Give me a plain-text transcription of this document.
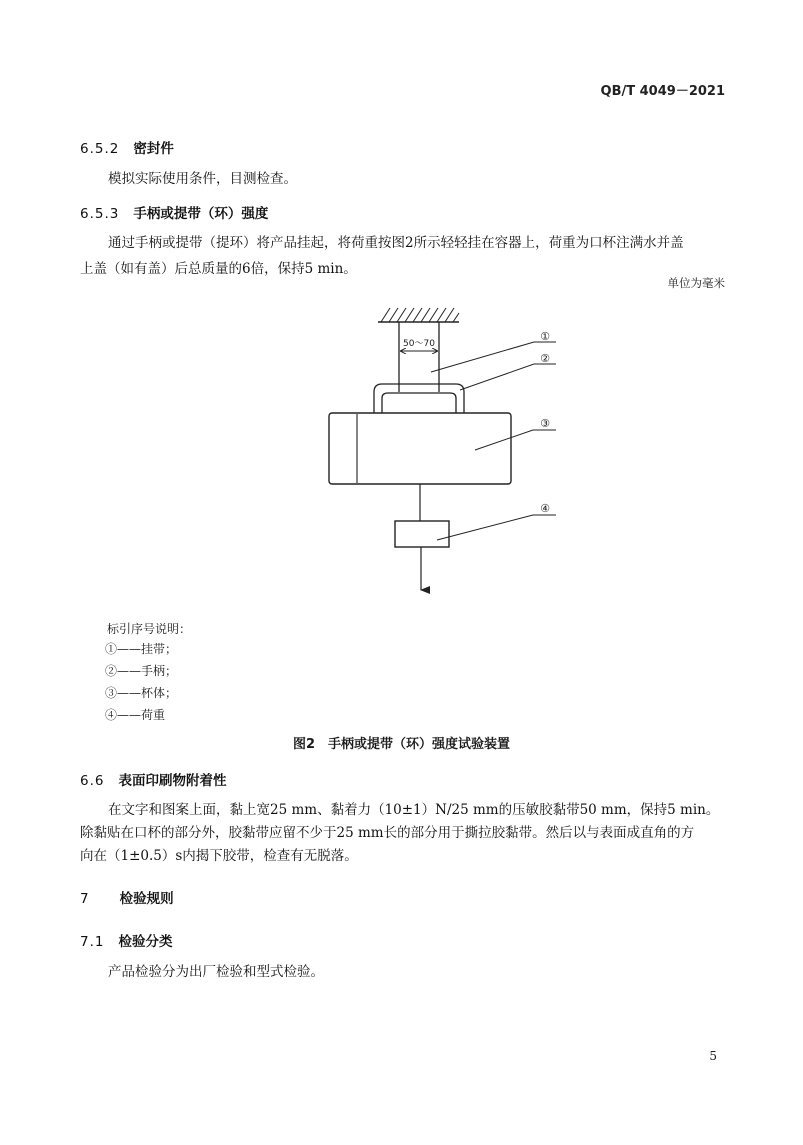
QB/T 4049－2021
6.5.2 密封件
模拟实际使用条件，目测检查。
6.5.3 手柄或提带（环）强度
通过手柄或提带（提环）将产品挂起，将荷重按图2所示轻轻挂在容器上，荷重为口杯注满水并盖
上盖（如有盖）后总质量的6倍，保持5 min。
单位为毫米
50～70
①
②
③
④
标引序号说明：
①——挂带；
②——手柄；
③——杯体；
④——荷重
图2　手柄或提带（环）强度试验装置
6.6 表面印刷物附着性
在文字和图案上面，黏上宽25 mm、黏着力（10±1）N/25 mm的压敏胶黏带50 mm，保持5 min。
除黏贴在口杯的部分外，胶黏带应留不少于25 mm长的部分用于撕拉胶黏带。然后以与表面成直角的方
向在（1±0.5）s内揭下胶带，检查有无脱落。
7 检验规则
7.1 检验分类
产品检验分为出厂检验和型式检验。
5
